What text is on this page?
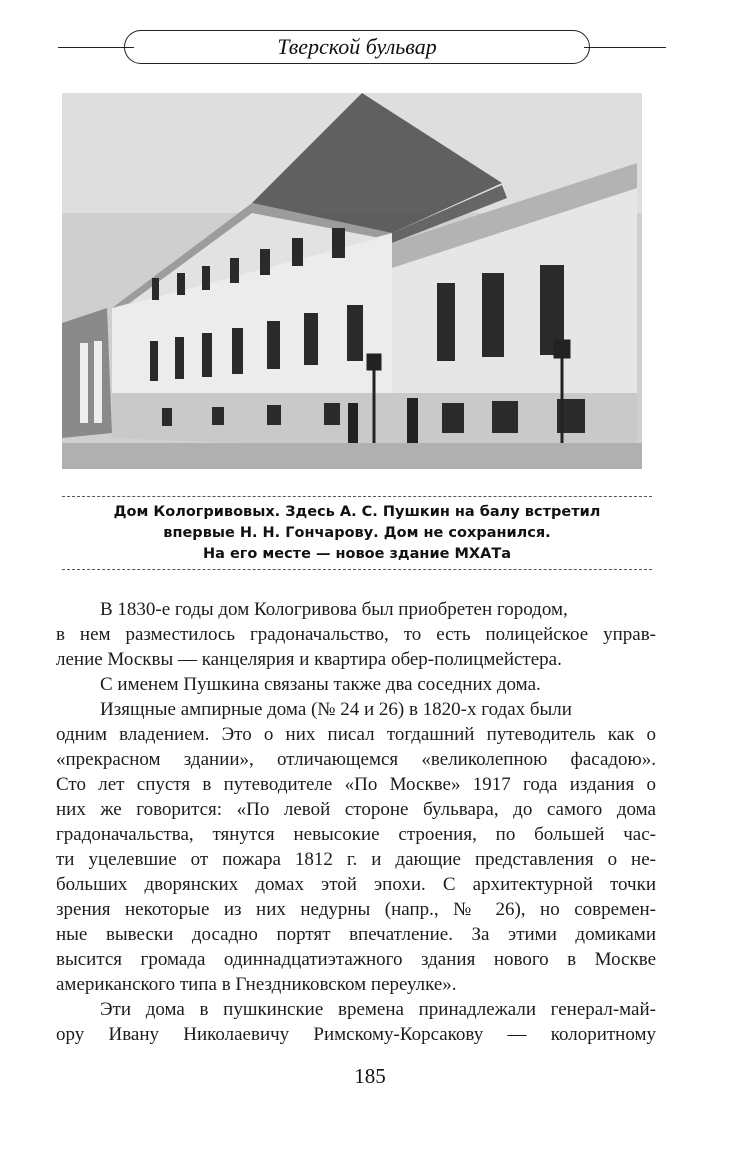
Тверской бульвар
Дом Кологривовых. Здесь А. С. Пушкин на балу встретил
впервые Н. Н. Гончарову. Дом не сохранился.
На его месте — новое здание МХАТа
В 1830-е годы дом Кологривова был приобретен городом,
в нем разместилось градоначальство, то есть полицейское управ-
ление Москвы — канцелярия и квартира обер-полицмейстера.
С именем Пушкина связаны также два соседних дома.
Изящные ампирные дома (№ 24 и 26) в 1820-х годах были
одним владением. Это о них писал тогдашний путеводитель как о
«прекрасном здании», отличающемся «великолепною фасадою».
Сто лет спустя в путеводителе «По Москве» 1917 года издания о
них же говорится: «По левой стороне бульвара, до самого дома
градоначальства, тянутся невысокие строения, по большей час-
ти уцелевшие от пожара 1812 г. и дающие представления о не-
больших дворянских домах этой эпохи. С архитектурной точки
зрения некоторые из них недурны (напр., № 26), но современ-
ные вывески досадно портят впечатление. За этими домиками
высится громада одиннадцатиэтажного здания нового в Москве
американского типа в Гнездниковском переулке».
Эти дома в пушкинские времена принадлежали генерал-май-
ору Ивану Николаевичу Римскому-Корсакову — колоритному
185
